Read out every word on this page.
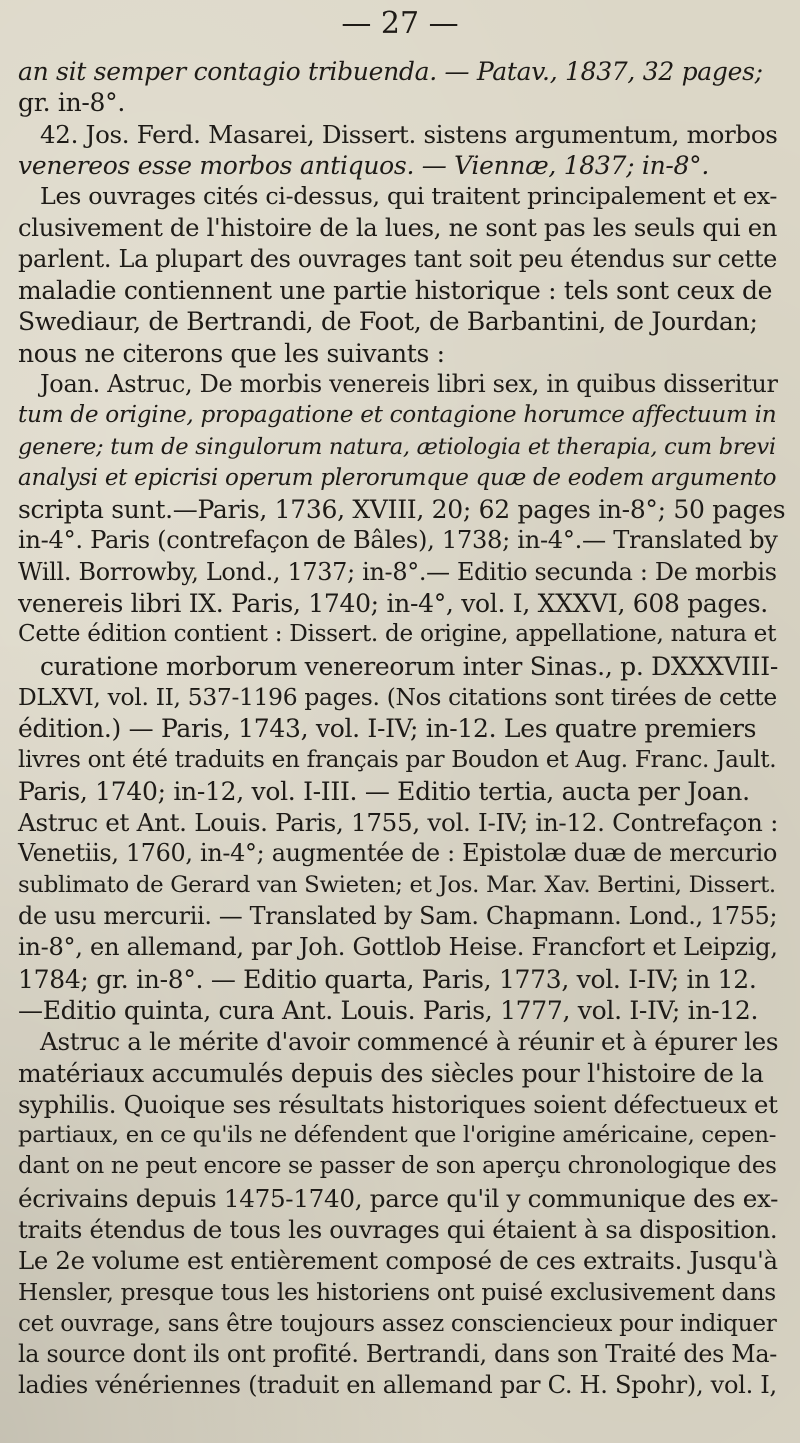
— 27 —

an sit semper contagio tribuenda. — Patav., 1837, 32 pages;

gr. in-8°.

42. Jos. Ferd. Masarei, Dissert. sistens argumentum, morbos

venereos esse morbos antiquos. — Viennæ, 1837; in-8°.

Les ouvrages cités ci-dessus, qui traitent principalement et ex-

clusivement de l'histoire de la lues, ne sont pas les seuls qui en

parlent. La plupart des ouvrages tant soit peu étendus sur cette

maladie contiennent une partie historique : tels sont ceux de

Swediaur, de Bertrandi, de Foot, de Barbantini, de Jourdan;

nous ne citerons que les suivants :

Joan. Astruc, De morbis venereis libri sex, in quibus disseritur

tum de origine, propagatione et contagione horumce affectuum in

genere; tum de singulorum natura, ætiologia et therapia, cum brevi

analysi et epicrisi operum plerorumque quæ de eodem argumento

scripta sunt.—Paris, 1736, XVIII, 20; 62 pages in-8°; 50 pages

in-4°. Paris (contrefaçon de Bâles), 1738; in-4°.— Translated by

Will. Borrowby, Lond., 1737; in-8°.— Editio secunda : De morbis

venereis libri IX. Paris, 1740; in-4°, vol. I, XXXVI, 608 pages.

Cette édition contient : Dissert. de origine, appellatione, natura et

curatione morborum venereorum inter Sinas., p. DXXXVIII-

DLXVI, vol. II, 537-1196 pages. (Nos citations sont tirées de cette

édition.) — Paris, 1743, vol. I-IV; in-12. Les quatre premiers

livres ont été traduits en français par Boudon et Aug. Franc. Jault.

Paris, 1740; in-12, vol. I-III. — Editio tertia, aucta per Joan.

Astruc et Ant. Louis. Paris, 1755, vol. I-IV; in-12. Contrefaçon :

Venetiis, 1760, in-4°; augmentée de : Epistolæ duæ de mercurio

sublimato de Gerard van Swieten; et Jos. Mar. Xav. Bertini, Dissert.

de usu mercurii. — Translated by Sam. Chapmann. Lond., 1755;

in-8°, en allemand, par Joh. Gottlob Heise. Francfort et Leipzig,

1784; gr. in-8°. — Editio quarta, Paris, 1773, vol. I-IV; in 12.

—Editio quinta, cura Ant. Louis. Paris, 1777, vol. I-IV; in-12.

Astruc a le mérite d'avoir commencé à réunir et à épurer les

matériaux accumulés depuis des siècles pour l'histoire de la

syphilis. Quoique ses résultats historiques soient défectueux et

partiaux, en ce qu'ils ne défendent que l'origine américaine, cepen-

dant on ne peut encore se passer de son aperçu chronologique des

écrivains depuis 1475-1740, parce qu'il y communique des ex-

traits étendus de tous les ouvrages qui étaient à sa disposition.

Le 2e volume est entièrement composé de ces extraits. Jusqu'à

Hensler, presque tous les historiens ont puisé exclusivement dans

cet ouvrage, sans être toujours assez consciencieux pour indiquer

la source dont ils ont profité. Bertrandi, dans son Traité des Ma-

ladies vénériennes (traduit en allemand par C. H. Spohr), vol. I,
